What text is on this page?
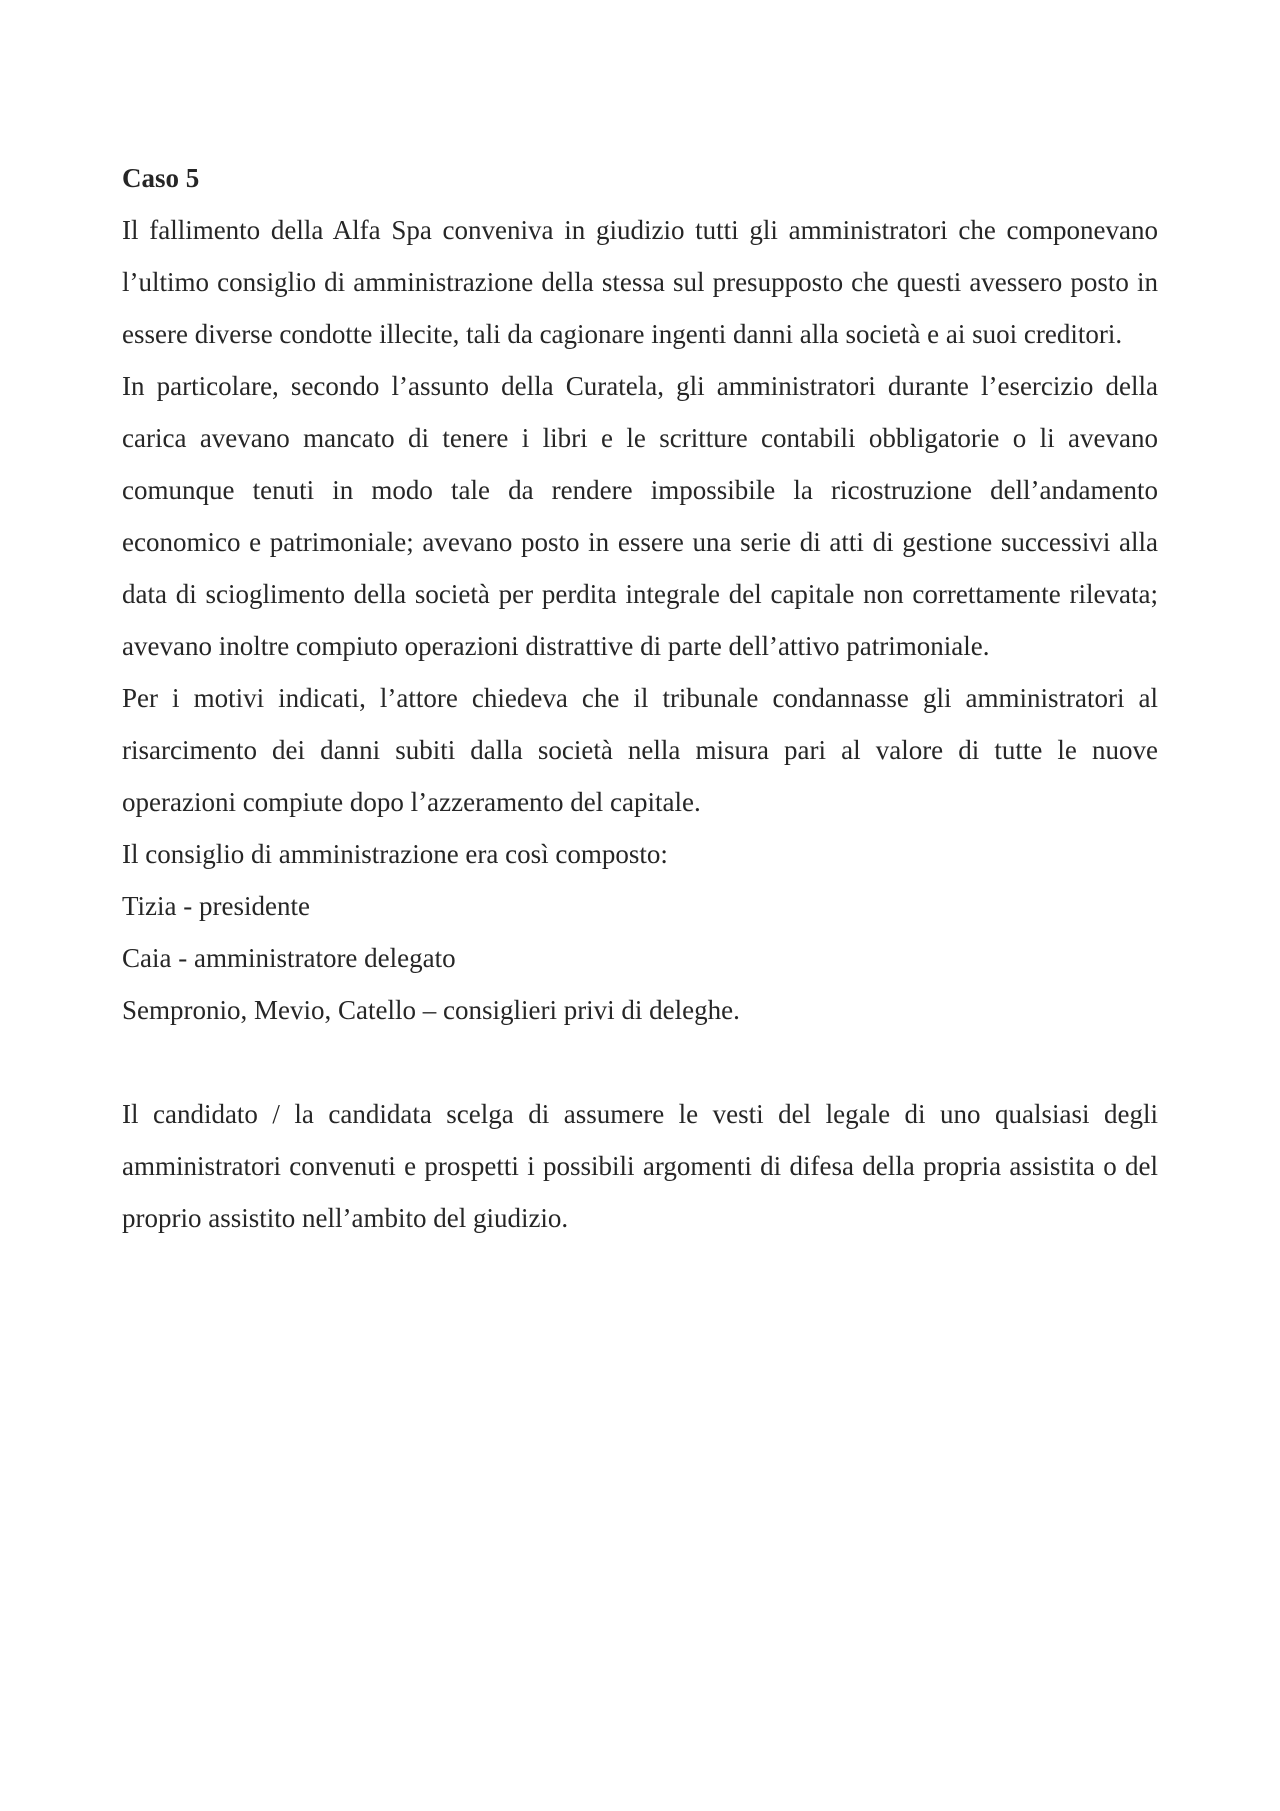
Caso 5

Il fallimento della Alfa Spa conveniva in giudizio tutti gli amministratori che componevano l’ultimo consiglio di amministrazione della stessa sul presupposto che questi avessero posto in essere diverse condotte illecite, tali da cagionare ingenti danni alla società e ai suoi creditori.

In particolare, secondo l’assunto della Curatela, gli amministratori durante l’esercizio della carica avevano mancato di tenere i libri e le scritture contabili obbligatorie o li avevano comunque tenuti in modo tale da rendere impossibile la ricostruzione dell’andamento economico e patrimoniale; avevano posto in essere una serie di atti di gestione successivi alla data di scioglimento della società per perdita integrale del capitale non correttamente rilevata; avevano inoltre compiuto operazioni distrattive di parte dell’attivo patrimoniale.

Per i motivi indicati, l’attore chiedeva che il tribunale condannasse gli amministratori al risarcimento dei danni subiti dalla società nella misura pari al valore di tutte le nuove operazioni compiute dopo l’azzeramento del capitale.

Il consiglio di amministrazione era così composto:

Tizia - presidente

Caia - amministratore delegato

Sempronio, Mevio, Catello – consiglieri privi di deleghe.

Il candidato / la candidata scelga di assumere le vesti del legale di uno qualsiasi degli amministratori convenuti e prospetti i possibili argomenti di difesa della propria assistita o del proprio assistito nell’ambito del giudizio.
